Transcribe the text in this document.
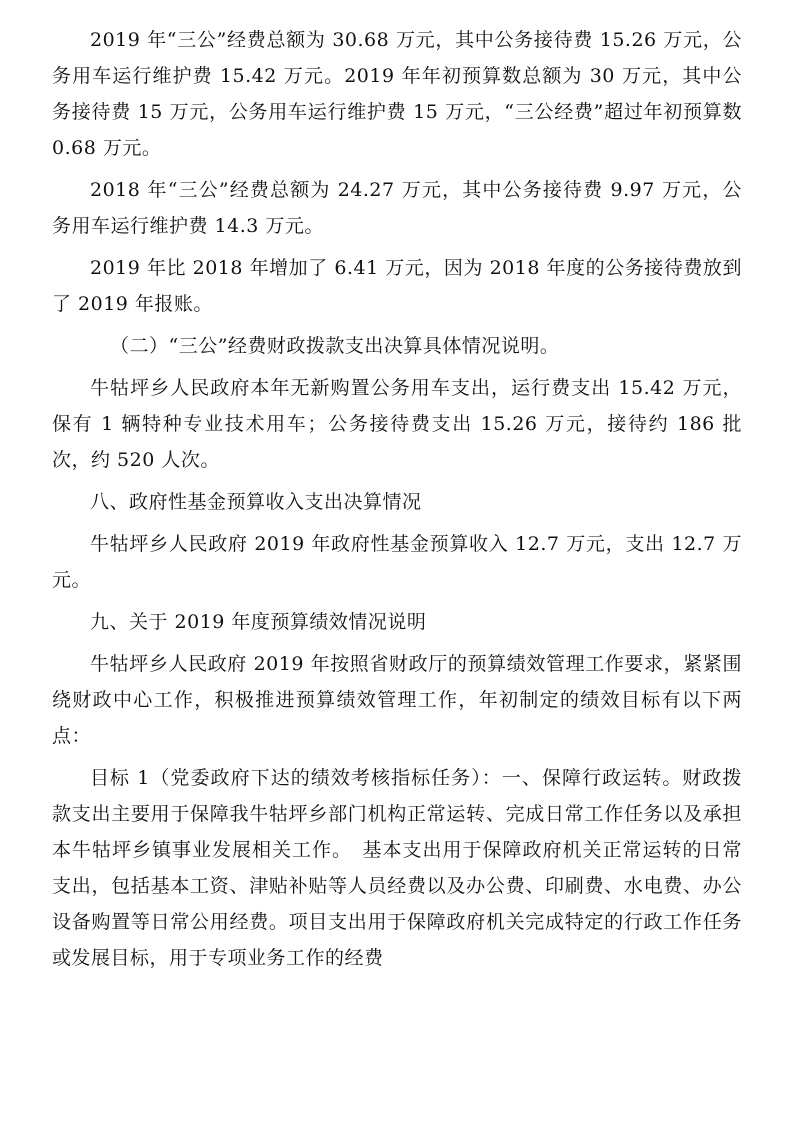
2019 年“三公”经费总额为 30.68 万元，其中公务接待费 15.26 万元，公务用车运行维护费 15.42 万元。2019 年年初预算数总额为 30 万元，其中公务接待费 15 万元，公务用车运行维护费 15 万元，“三公经费”超过年初预算数 0.68 万元。

2018 年“三公”经费总额为 24.27 万元，其中公务接待费 9.97 万元，公务用车运行维护费 14.3 万元。

2019 年比 2018 年增加了 6.41 万元，因为 2018 年度的公务接待费放到了 2019 年报账。

（二）“三公”经费财政拨款支出决算具体情况说明。

牛牯坪乡人民政府本年无新购置公务用车支出，运行费支出 15.42 万元，保有 1 辆特种专业技术用车；公务接待费支出 15.26 万元，接待约 186 批次，约 520 人次。

八、政府性基金预算收入支出决算情况

牛牯坪乡人民政府 2019 年政府性基金预算收入 12.7 万元，支出 12.7 万元。

九、关于 2019 年度预算绩效情况说明

牛牯坪乡人民政府 2019 年按照省财政厅的预算绩效管理工作要求，紧紧围绕财政中心工作，积极推进预算绩效管理工作，年初制定的绩效目标有以下两点：

目标 1（党委政府下达的绩效考核指标任务）：一、保障行政运转。财政拨款支出主要用于保障我牛牯坪乡部门机构正常运转、完成日常工作任务以及承担本牛牯坪乡镇事业发展相关工作。　基本支出用于保障政府机关正常运转的日常支出，包括基本工资、津贴补贴等人员经费以及办公费、印刷费、水电费、办公设备购置等日常公用经费。项目支出用于保障政府机关完成特定的行政工作任务或发展目标，用于专项业务工作的经费
